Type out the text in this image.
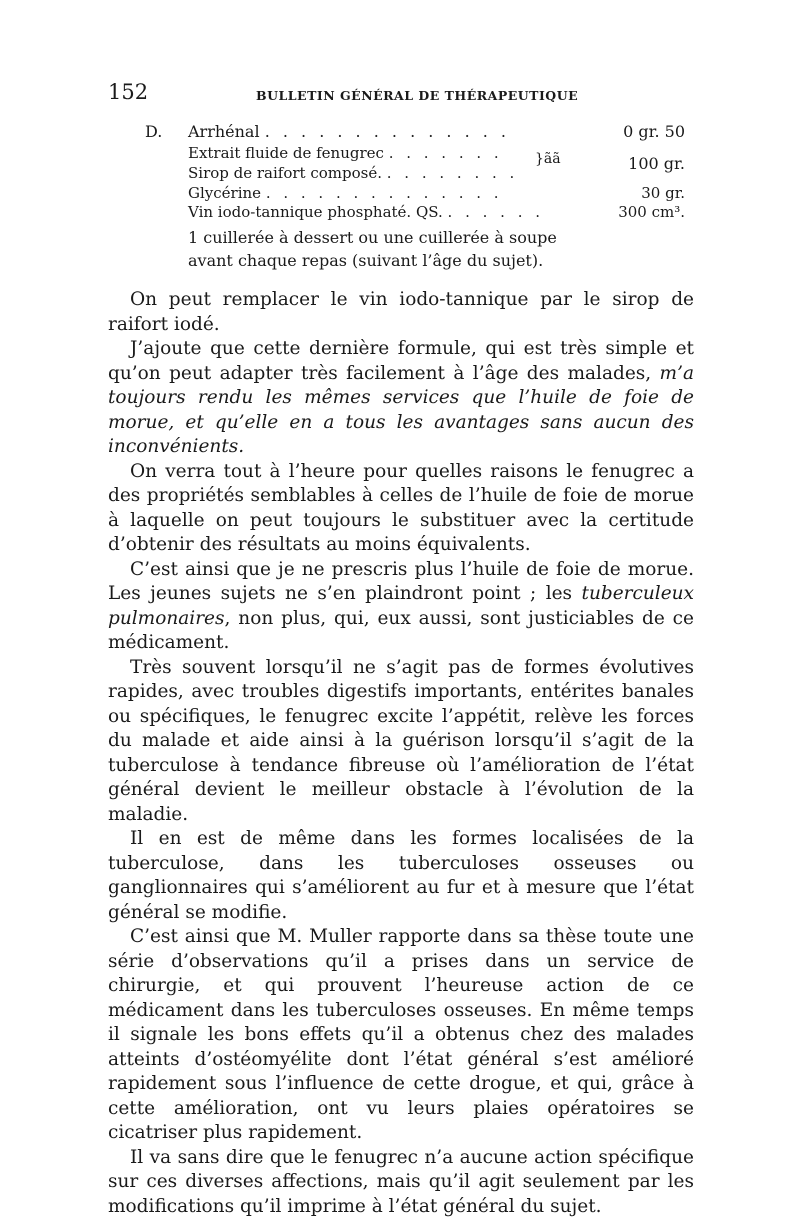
152	BULLETIN GÉNÉRAL DE THÉRAPEUTIQUE
D. Arrhénal . . . . . . . . . . . . . .	0 gr. 50
Extrait fluide de fenugrec . . . . . . .
Sirop de raifort composé. . . . . . . . .
}ãã	100 gr.
Glycérine . . . . . . . . . . . . . .	30 gr.
Vin iodo-tannique phosphaté. QS. . . . . . .	300 cm³.
1 cuillerée à dessert ou une cuillerée à soupe
avant chaque repas (suivant l’âge du sujet).

On peut remplacer le vin iodo-tannique par le sirop de raifort iodé.

J’ajoute que cette dernière formule, qui est très simple et qu’on peut adapter très facilement à l’âge des malades, m’a toujours rendu les mêmes services que l’huile de foie de morue, et qu’elle en a tous les avantages sans aucun des inconvénients.

On verra tout à l’heure pour quelles raisons le fenugrec a des propriétés semblables à celles de l’huile de foie de morue à laquelle on peut toujours le substituer avec la certitude d’obtenir des résultats au moins équivalents.

C’est ainsi que je ne prescris plus l’huile de foie de morue. Les jeunes sujets ne s’en plaindront point ; les tuberculeux pulmonaires, non plus, qui, eux aussi, sont justiciables de ce médicament.

Très souvent lorsqu’il ne s’agit pas de formes évolutives rapides, avec troubles digestifs importants, entérites banales ou spécifiques, le fenugrec excite l’appétit, relève les forces du malade et aide ainsi à la guérison lorsqu’il s’agit de la tuberculose à tendance fibreuse où l’amélioration de l’état général devient le meilleur obstacle à l’évolution de la maladie.

Il en est de même dans les formes localisées de la tuberculose, dans les tuberculoses osseuses ou ganglionnaires qui s’améliorent au fur et à mesure que l’état général se modifie.

C’est ainsi que M. Muller rapporte dans sa thèse toute une série d’observations qu’il a prises dans un service de chirurgie, et qui prouvent l’heureuse action de ce médicament dans les tuberculoses osseuses. En même temps il signale les bons effets qu’il a obtenus chez des malades atteints d’ostéomyélite dont l’état général s’est amélioré rapidement sous l’influence de cette drogue, et qui, grâce à cette amélioration, ont vu leurs plaies opératoires se cicatriser plus rapidement.

Il va sans dire que le fenugrec n’a aucune action spécifique sur ces diverses affections, mais qu’il agit seulement par les modifications qu’il imprime à l’état général du sujet.
